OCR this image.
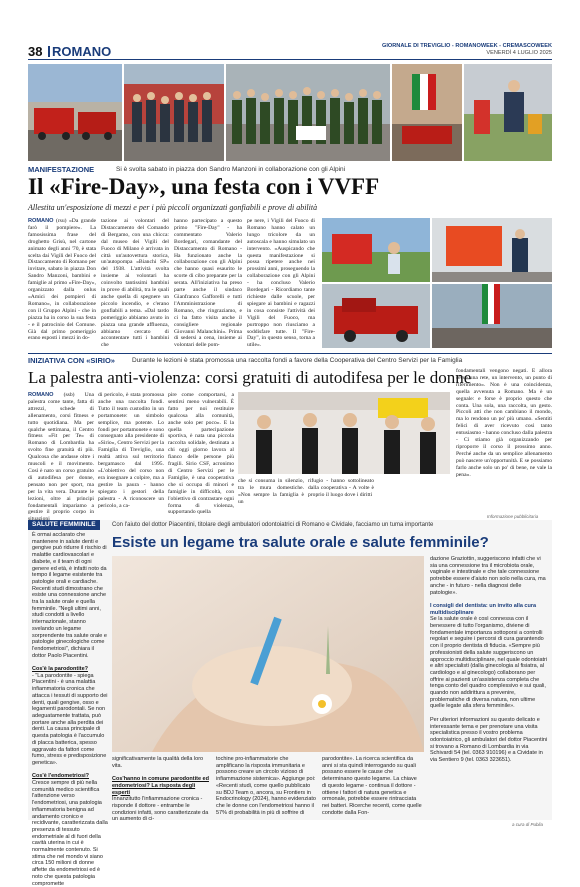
38 ROMANO	GIORNALE DI TREVIGLIO - ROMANOWEEK - CREMASCOWEEK
VENERDÌ 4 LUGLIO 2025
MANIFESTAZIONE	Si è svolta sabato in piazza don Sandro Manzoni in collaborazione con gli Alpini
Il «Fire-Day», una festa con i VVFF
Allestita un'esposizione di mezzi e per i più piccoli organizzati gonfiabili e prove di abilità
ROMANO (rsu) «Da grande farò il pompiere». La famosissima frase del droghetto Grisù, nel cartone animato degli anni '70, è stata scelta dai Vigili del Fuoco del Distaccamento di Romano per invitare, sabato in piazza Don Sandro Manzoni, bambini e famiglie al primo «Fire-Day», organizzato dalla onlus «Amici dei pompieri di Romano», in collaborazione con il Gruppo Alpini - che in piazza ha in corso la sua festa - e il patrocinio del Comune. Già dal primo pomeriggio erano esposti i mezzi in do-
tazione ai volontari del Distaccamento del Comando di Bergamo, con una chicca: dal museo dei Vigili del Fuoco di Milano è arrivata in città un'autovettura storica, un'autopompa «Bianchi SP» del 1938. L'attività svolta insieme ai volontari ha coinvolto tantissimi bambini in prove di abilità, tra le quali anche quella di spegnere un piccolo incendio, e c'erano gonfiabili a tema. «Dal tardo pomeriggio abbiamo avuto in piazza una grande affluenza, abbiamo cercato di accontentare tutti i bambini che
hanno partecipato a questo primo "Fire-Day" - ha commentato Valerio Bordegari, comandante del Distaccamento di Romano - Ha funzionato anche la collaborazione con gli Alpini che hanno quasi esaurito le scorte di cibo preparate per la serata. All'iniziativa ha preso parte anche il sindaco Gianfranco Gafforelli e tutti l'Amministrazione di Romano, che ringraziamo, e ci ha fatto visita anche il consigliere regionale Giovanni Malanchini». Prima di sedersi a cena, insieme ai volontari delle pom-
pe nere, i Vigili del Fuoco di Romano hanno calato un lungo tricolore da un autoscala e hanno simulato un intervento. «Auspicando che questa manifestazione si possa ripetere anche nei prossimi anni, proseguendo la collaborazione con gli Alpini - ha concluso Valerio Bordegari - Ricordiamo tante richieste dalle scuole, per spiegare ai bambini e ragazzi in cosa consiste l'attività dei Vigili del Fuoco, ma purtroppo non riusciamo a soddisfare tutte. Il "Fire-Day", in questo senso, torna a utile».
INIZIATIVA CON «SIRIO»	Durante le lezioni è stata promossa una raccolta fondi a favore della Cooperativa del Centro Servizi per la Famiglia
La palestra anti-violenza: corsi gratuiti di autodifesa per le donne
ROMANO (ssb) Una palestra come tante, fatta di attrezzi, schede di allenamento, corsi fitness e tutto quotidiana. Ma per qualche settimana, il Centro fitness «Fit per Te» di Romano di Lombardia ha svolto fine gratuità di più. Qualcosa che andasse oltre i muscoli e il movimento. Così è nato un corso gratuito di autodifesa per donne, pensato non per sport, ma per la vita vera. Durante le lezioni, oltre ai principi fondamentali impariamo a gestire il proprio corpo in
di pericolo, è stata promossa anche una raccolta fondi. Tutto il team custodito in un portamonete: un simbolo semplice, ma potente. Lo fondi per portamonete e sono consegnato alla presidente di «Sirio», Centro Servizi per la Famiglia di Treviglio, una realtà attiva sul territorio bergamasco dal 1995. «L'obiettivo del corso non era insegnare a colpire, ma a gestire la paura - hanno spiegato i gestori della palestra - A riconoscere un pericolo, a ca-
pire come comportarsi, a sentirsi meno vulnerabili. È fatto per noi restituire qualcosa alla comunità, anche solo per poco». E la quella partecipazione sportiva, è nata una piccola raccolta solidale, destinata a chi oggi giorno lavora al fianco delle persone più fragili. Sirio CSF, acronimo di Centro Servizi per le Famiglie, è una cooperativa che si occupa di minori e famiglie in difficoltà, con l'obiettivo di contrastare ogni forma di violenza, supportando quella
che si consuma in silenzio, tra le mura domestiche. «Non sempre la famiglia è un
rifugio - hanno sottolineato dalla cooperativa - A volte è proprio il luogo dove i diritti
fondamentali vengono negati. E allora serve una rete, un intervento, un punto di riferimento». Non è una coincidenza, quella avvenuta a Romano. Ma è un segnale: e forse è proprio questo che conta. Una sola, una raccolta, un gesto. Piccoli atti che non cambiano il mondo, ma lo rendono un po' più umano. «Sentiti felici di aver ricevuto così tanto entusiasmo - hanno concluso dalla palestra - Ci stiamo già organizzando per riproporre il corso il prossimo anno. Perché anche da un semplice allenamento può nascere un'opportunità. E se possiamo farlo anche solo un po' di bene, ne vale la pena».
Informazione pubblicitaria
SALUTE FEMMINILE	Con l'aiuto del dottor Piacentini, titolare degli ambulatori odontoiatrici di Romano e Cividale, facciamo un tuma importante
Esiste un legame tra salute orale e salute femminile?
È ormai acclarato che mantenere in salute denti e gengive può ridurre il rischio di malattie cardiovascolari e diabete, e il team di ogni genere ed età, è infatti noto da tempo il legame esistente tra patologie orali e cardiache. Recenti studi dimostrano che esiste una connessione anche tra la salute orale e quella femminile. "Negli ultimi anni, studi condotti a livello internazionale, stanno svelando un legame sorprendente tra salute orale e patologie ginecologiche come l'endometriosi", dichiara il dottor Paolo Piacentini.

Cos'è la parodontite?
- "La parodontite - spiega Piacentini - è una malattia infiammatoria cronica che attacca i tessuti di supporto dei denti, quali gengive, osso e legamenti parodontali. Se non adeguatamente trattata, può portare anche alla perdita dei denti. La causa principale di questa patologia è l'accumulo di placca batterica, spesso aggravato da fattori come fumo, stress e predisposizione genetica».

Cos'è l'endometriosi?
Cresce sempre di più nella comunità medico scientifica l'attenzione verso l'endometriosi, una patologia infiammatoria benigna ad andamento cronico e recidivante, caratterizzata dalla presenza di tessuto endometriale al di fuori della cavità uterina in cui è normalmente contenuto. Si stima che nel mondo vi siano circa 150 milioni di donne affette da endometriosi ed è noto che questa patologia compromette
significativamente la qualità della loro vita.

Cos'hanno in comune parodontite ed endometriosi? La risposta degli esperti
Innanzitutto l'infiammazione cronica - risponde il dottore - entrambe le condizioni infatti, sono caratterizzate da un aumento di ci-
tochine pro-infiammatorie che amplificano la risposta immunitaria e possono creare un circolo vizioso di infiammazione sistemica». Aggiunge poi: «Recenti studi, come quello pubblicato su BDJ Team o, ancora, su Frontiers in Endocrinology (2024), hanno evidenziato che le donne con l'endometriosi hanno il 57% di probabilità in più di soffrire di
parodontite». La ricerca scientifica da anni si sta quindi interrogando su quali possano essere le cause che determinano questo legame. La chiave di questo legame - continua il dottore - ottiene i fattori di natura genetica e ormonale, potrebbe essere rintracciata nei batteri. Ricerche recenti, come quelle condotte dalla Fon-
dazione Graziottin, suggeriscono infatti che vi sia una connessione tra il microbiota orale, vaginale e intestinale e che tale connessione potrebbe essere d'aiuto non solo nella cura, ma anche - in futuro - nella diagnosi delle patologie».

I consigli del dentista: un invito alla cura multidisciplinare
Se la salute orale è così connessa con il benessere di tutto l'organismo, diviene di fondamentale importanza sottoporsi a controlli regolari e seguire i percorsi di cura garantendo con il proprio dentista di fiducia. «Sempre più professionisti della salute suggeriscono un approccio multidisciplinare, nel quale odontoiatri e altri specialisti (dalla ginecologia al fisiatra, al cardiologo e al ginecologo) collaborano per offrire ai pazienti un'assistenza completa che tenga conto del quadro complessivo e sui quali, quando non addirittura a prevenire, problematiche di diversa natura, non ultime quelle legate alla sfera femminile».

Per ulteriori informazioni su questo delicato e interessante tema e per prenotare una visita specialistica presso il vostro problema odontoiatrico, gli ambulatori del dottor Piacentini si trovano a Romano di Lombardia in via Schivardi 54 (tel. 0363 910196) e a Cividate in via Sentiero 9 (tel. 0363 323651).
a cura di Publia
